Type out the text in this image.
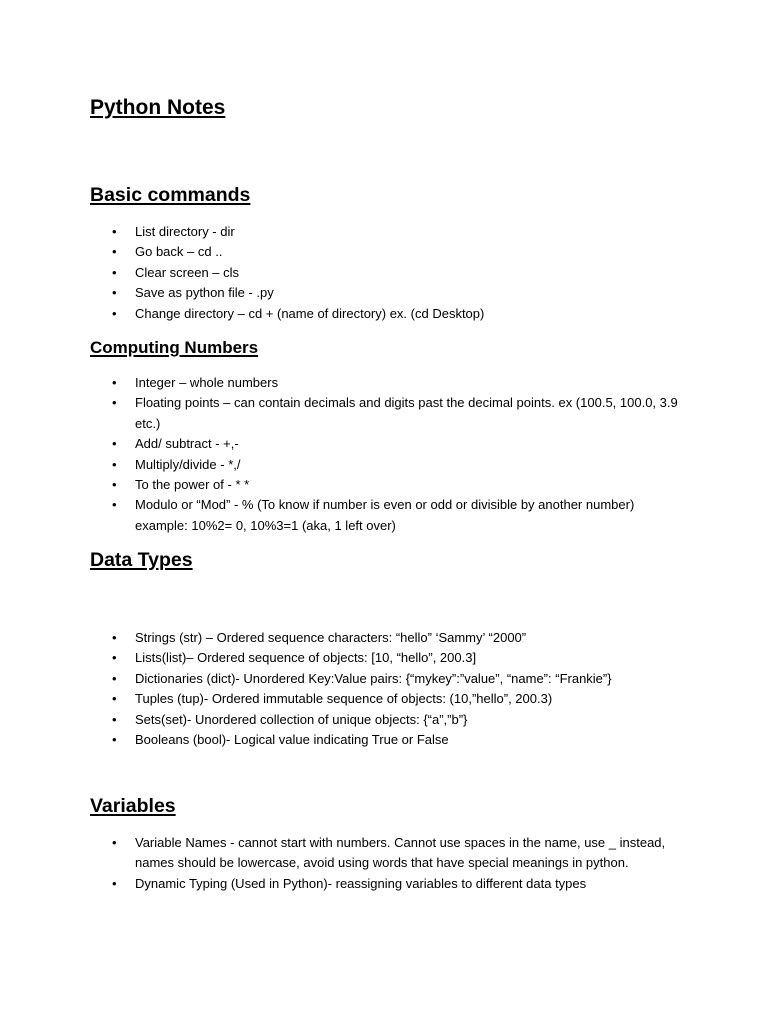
Python Notes
Basic commands
• List directory - dir
• Go back – cd ..
• Clear screen – cls
• Save as python file - .py
• Change directory – cd + (name of directory) ex. (cd Desktop)
Computing Numbers
• Integer – whole numbers
• Floating points – can contain decimals and digits past the decimal points. ex (100.5, 100.0, 3.9 etc.)
• Add/ subtract - +,-
• Multiply/divide - *,/
• To the power of - * *
• Modulo or “Mod” - % (To know if number is even or odd or divisible by another number) example: 10%2= 0, 10%3=1 (aka, 1 left over)
Data Types
• Strings (str) – Ordered sequence characters: “hello” ‘Sammy’ “2000”
• Lists(list)– Ordered sequence of objects: [10, “hello”, 200.3]
• Dictionaries (dict)- Unordered Key:Value pairs: {“mykey”:”value”, “name”: “Frankie”}
• Tuples (tup)- Ordered immutable sequence of objects: (10,”hello”, 200.3)
• Sets(set)- Unordered collection of unique objects: {“a”,”b”}
• Booleans (bool)- Logical value indicating True or False
Variables
• Variable Names - cannot start with numbers. Cannot use spaces in the name, use _ instead, names should be lowercase, avoid using words that have special meanings in python.
• Dynamic Typing (Used in Python)- reassigning variables to different data types
